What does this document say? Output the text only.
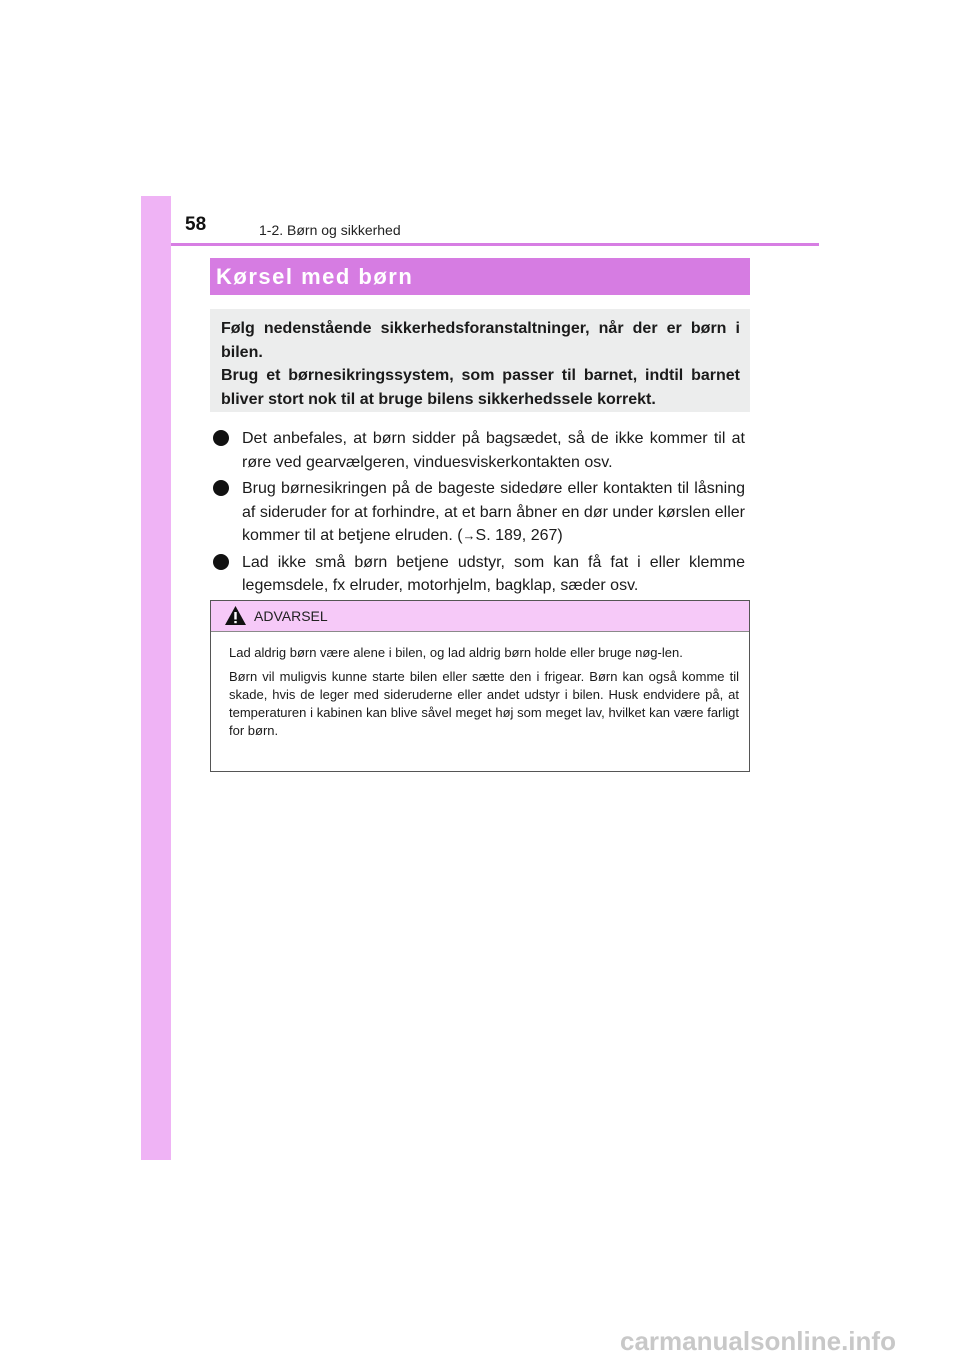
58	1-2. Børn og sikkerhed
Kørsel med børn

Følg nedenstående sikkerhedsforanstaltninger, når der er børn i bilen.

Brug et børnesikringssystem, som passer til barnet, indtil barnet bliver stort nok til at bruge bilens sikkerhedssele korrekt.

Det anbefales, at børn sidder på bagsædet, så de ikke kommer til at røre ved gearvælgeren, vinduesviskerkontakten osv.
Brug børnesikringen på de bageste sidedøre eller kontakten til låsning af sideruder for at forhindre, at et barn åbner en dør under kørslen eller kommer til at betjene elruden. (→S. 189, 267)
Lad ikke små børn betjene udstyr, som kan få fat i eller klemme legemsdele, fx elruder, motorhjelm, bagklap, sæder osv.
ADVARSEL

Lad aldrig børn være alene i bilen, og lad aldrig børn holde eller bruge nøg-len.

Børn vil muligvis kunne starte bilen eller sætte den i frigear. Børn kan også komme til skade, hvis de leger med sideruderne eller andet udstyr i bilen. Husk endvidere på, at temperaturen i kabinen kan blive såvel meget høj som meget lav, hvilket kan være farligt for børn.

carmanualsonline.info
